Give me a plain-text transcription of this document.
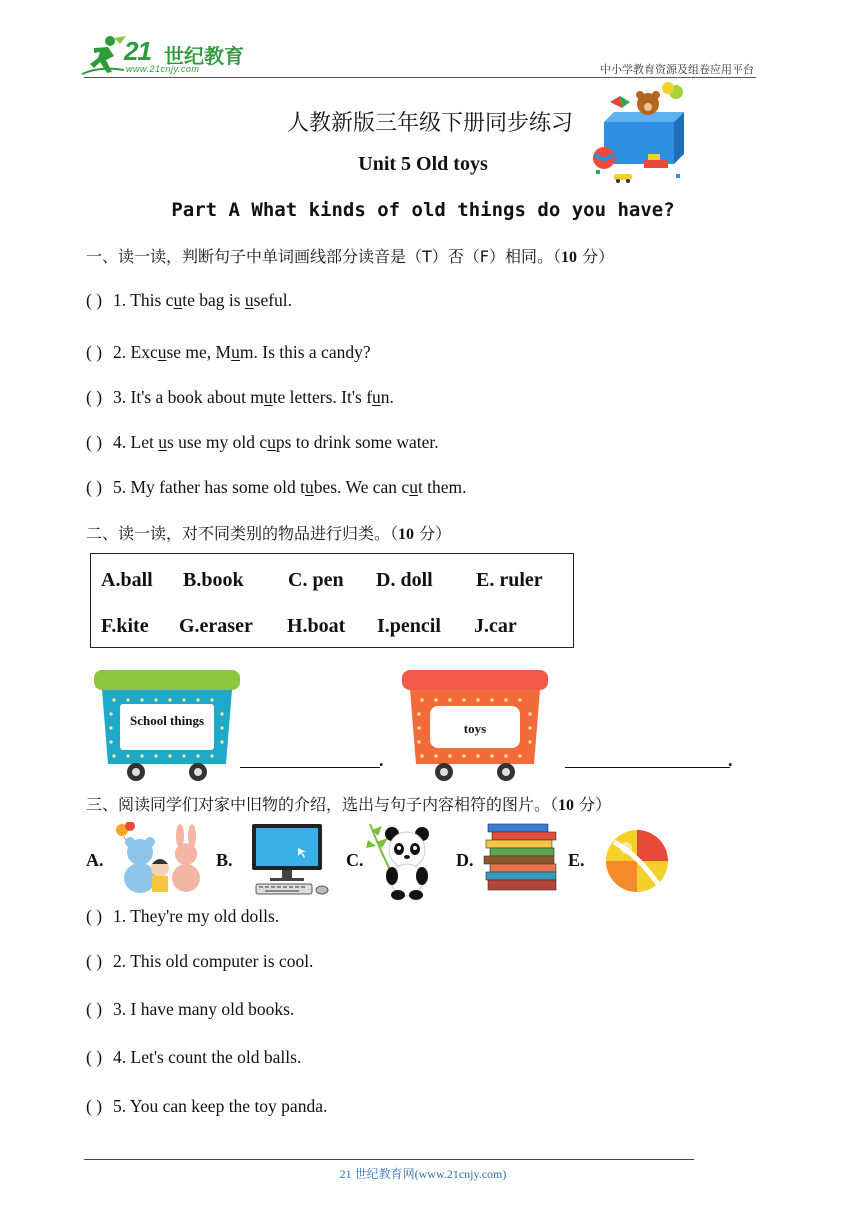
21 世纪教育
www.21cnjy.com	中小学教育资源及组卷应用平台
人教新版三年级下册同步练习
Unit 5 Old toys
Part A What kinds of old things do you have?
一、读一读，判断句子中单词画线部分读音是（T）否（F）相同。（10 分）
( ) 1. This cute bag is useful.
( ) 2. Excuse me, Mum. Is this a candy?
( ) 3. It's a book about mute letters. It's fun.
( ) 4. Let us use my old cups to drink some water.
( ) 5. My father has some old tubes. We can cut them.
二、读一读，对不同类别的物品进行归类。（10 分）
A.ball B.book C. pen D. doll E. ruler
F.kite G.eraser H.boat I.pencil J.car
School things
.
toys
.
三、阅读同学们对家中旧物的介绍，选出与句子内容相符的图片。（10 分）
A.	B.	C.	D.	E.
( ) 1. They're my old dolls.
( ) 2. This old computer is cool.
( ) 3. I have many old books.
( ) 4. Let's count the old balls.
( ) 5. You can keep the toy panda.
21 世纪教育网(www.21cnjy.com)
